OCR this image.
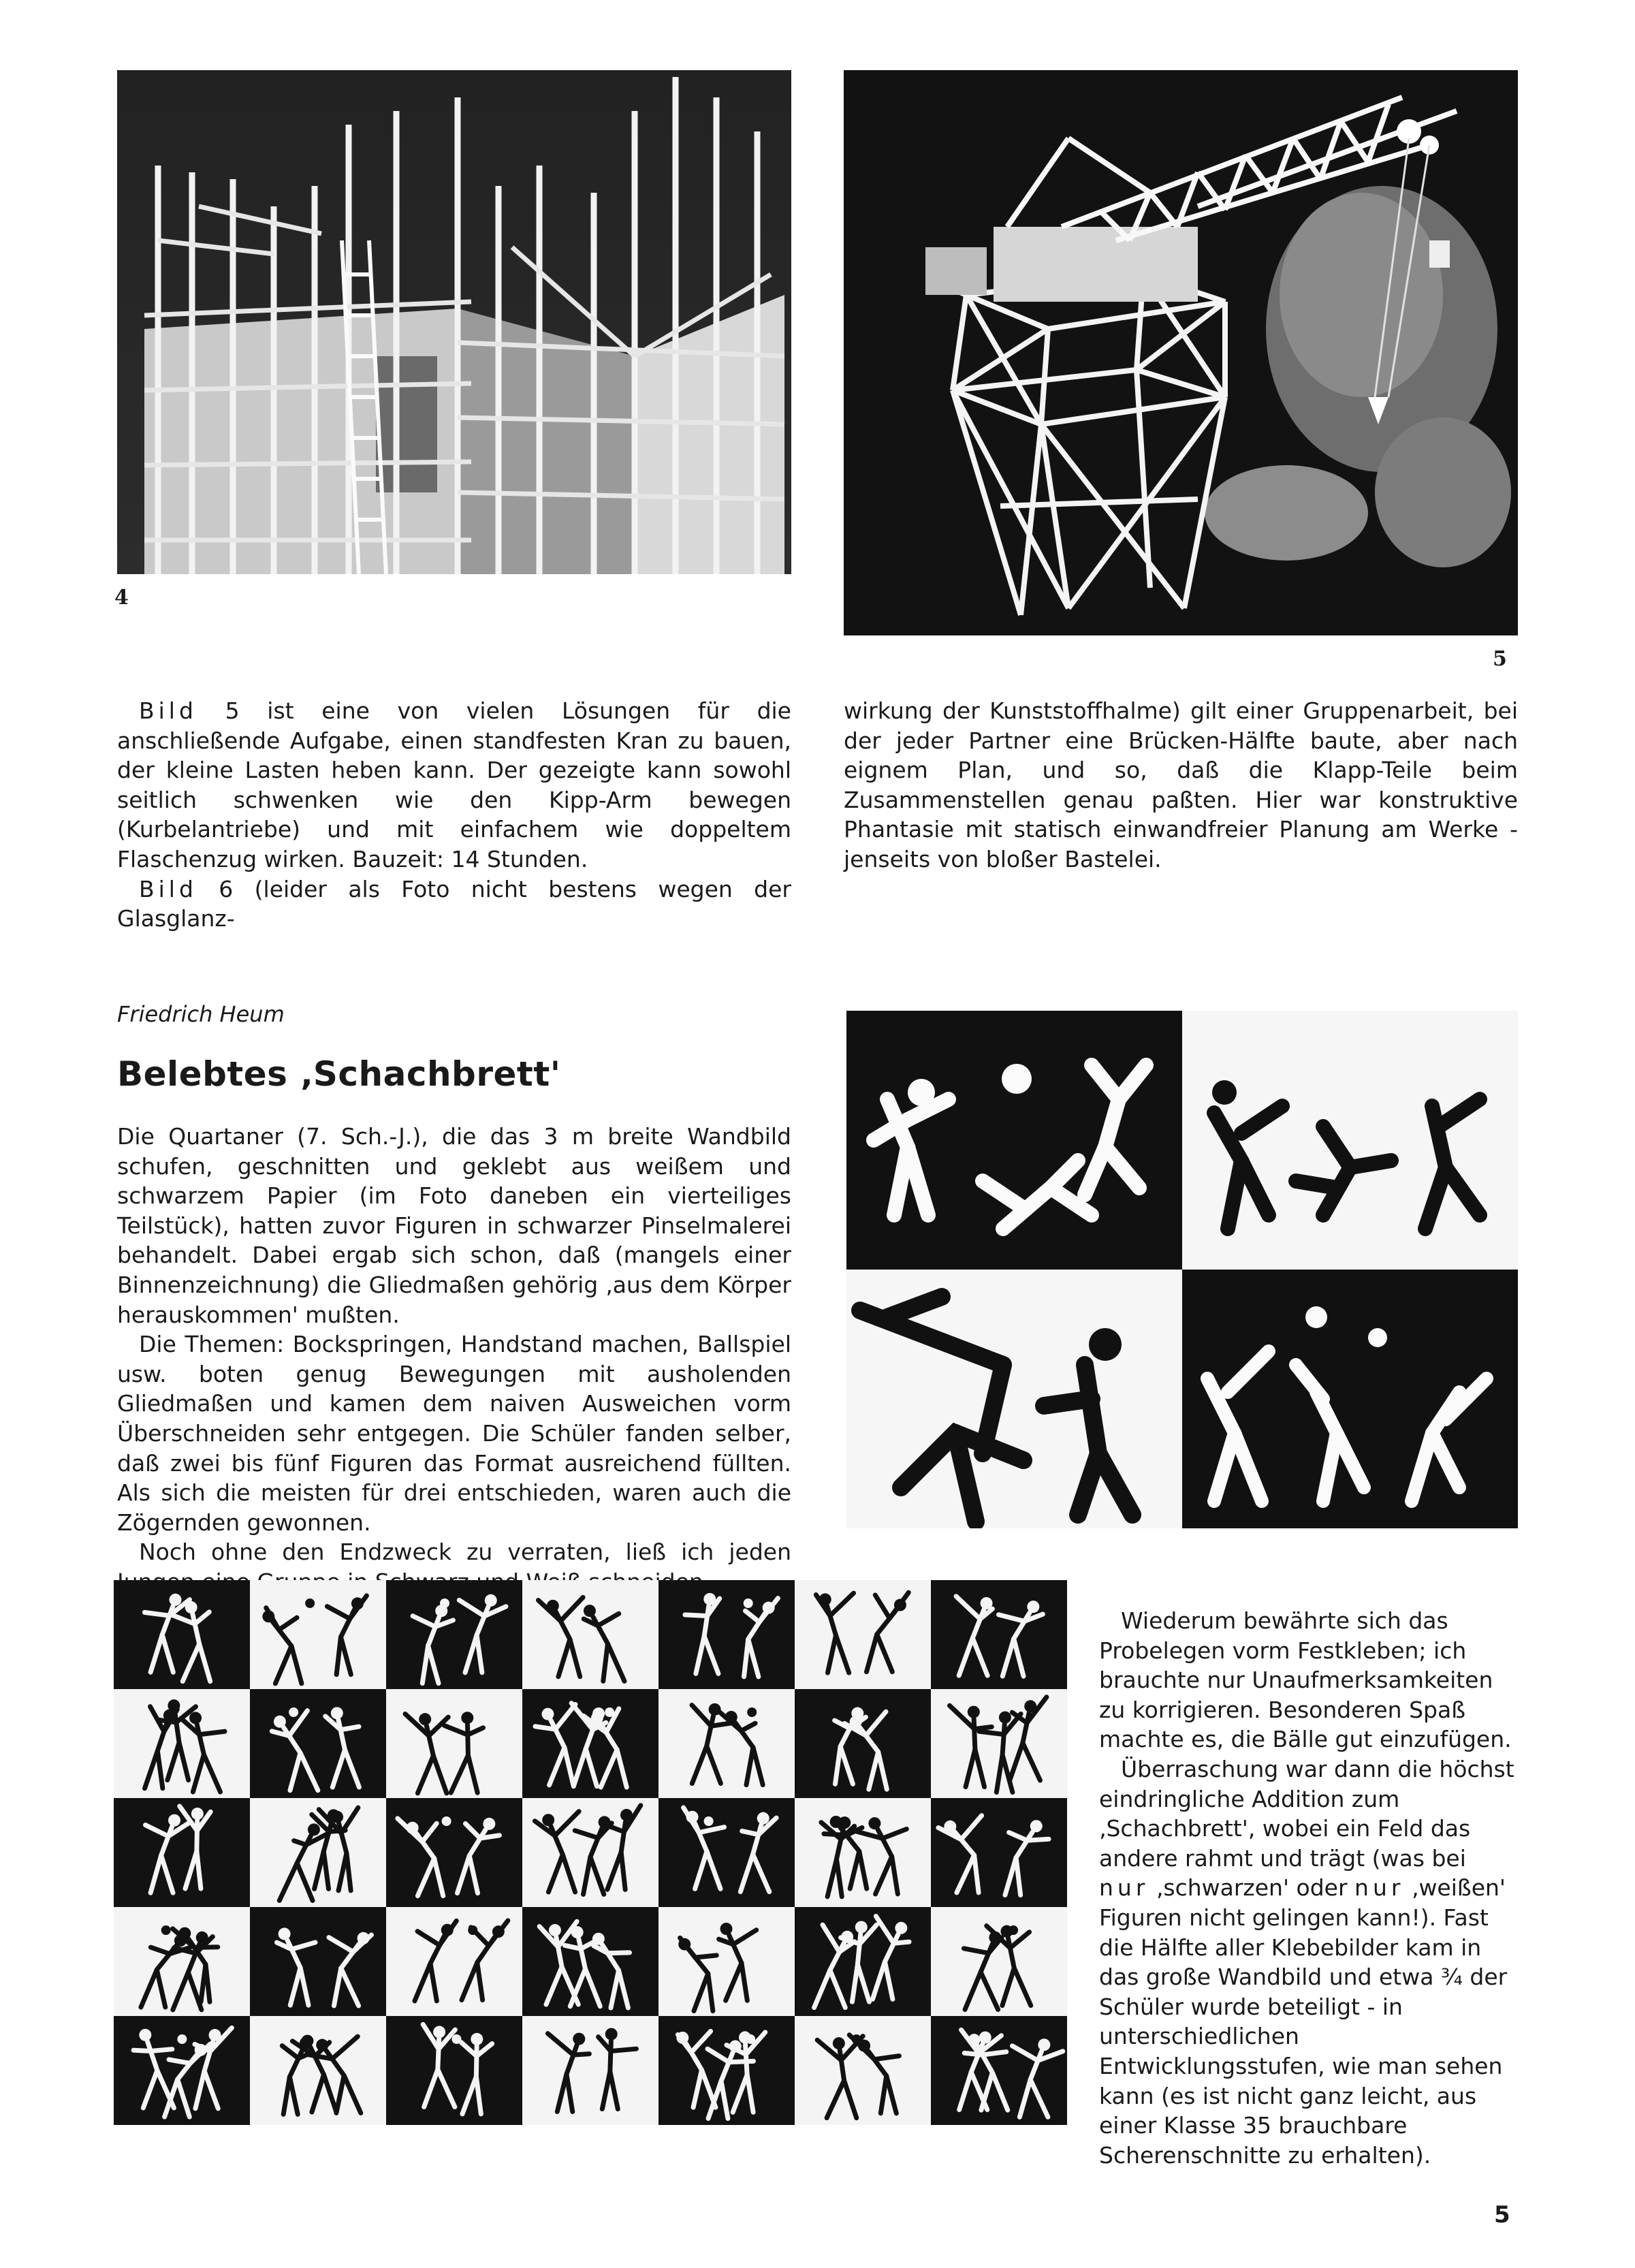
4
5

Bild 5 ist eine von vielen Lösungen für die anschließende Aufgabe, einen standfesten Kran zu bauen, der kleine Lasten heben kann. Der gezeigte kann sowohl seitlich schwenken wie den Kipp-Arm bewegen (Kurbelantriebe) und mit einfachem wie doppeltem Flaschenzug wirken. Bauzeit: 14 Stunden.

Bild 6 (leider als Foto nicht bestens wegen der Glasglanz-

wirkung der Kunststoffhalme) gilt einer Gruppenarbeit, bei der jeder Partner eine Brücken-Hälfte baute, aber nach eignem Plan, und so, daß die Klapp-Teile beim Zusammenstellen genau paßten. Hier war konstruktive Phantasie mit statisch einwandfreier Planung am Werke - jenseits von bloßer Bastelei.

Friedrich Heum
Belebtes ‚Schachbrett'

Die Quartaner (7. Sch.-J.), die das 3 m breite Wandbild schufen, geschnitten und geklebt aus weißem und schwarzem Papier (im Foto daneben ein vierteiliges Teilstück), hatten zuvor Figuren in schwarzer Pinselmalerei behandelt. Dabei ergab sich schon, daß (mangels einer Binnenzeichnung) die Gliedmaßen gehörig ‚aus dem Körper herauskommen' mußten.

Die Themen: Bockspringen, Handstand machen, Ballspiel usw. boten genug Bewegungen mit ausholenden Gliedmaßen und kamen dem naiven Ausweichen vorm Überschneiden sehr entgegen. Die Schüler fanden selber, daß zwei bis fünf Figuren das Format ausreichend füllten. Als sich die meisten für drei entschieden, waren auch die Zögernden gewonnen.

Noch ohne den Endzweck zu verraten, ließ ich jeden

Wiederum bewährte sich das Probelegen vorm Festkleben; ich brauchte nur Unaufmerksamkeiten zu korrigieren. Besonderen Spaß machte es, die Bälle gut einzufügen.

Überraschung war dann die höchst eindringliche Addition zum ‚Schachbrett', wobei ein Feld das andere rahmt und trägt (was bei nur ‚schwarzen' oder nur ‚weißen' Figuren nicht gelingen kann!). Fast die Hälfte aller Klebebilder kam in das große Wandbild und etwa ¾ der Schüler wurde beteiligt - in unterschiedlichen Entwicklungsstufen, wie man sehen kann (es ist nicht ganz leicht, aus einer Klasse 35 brauchbare Scherenschnitte zu erhalten).

5
